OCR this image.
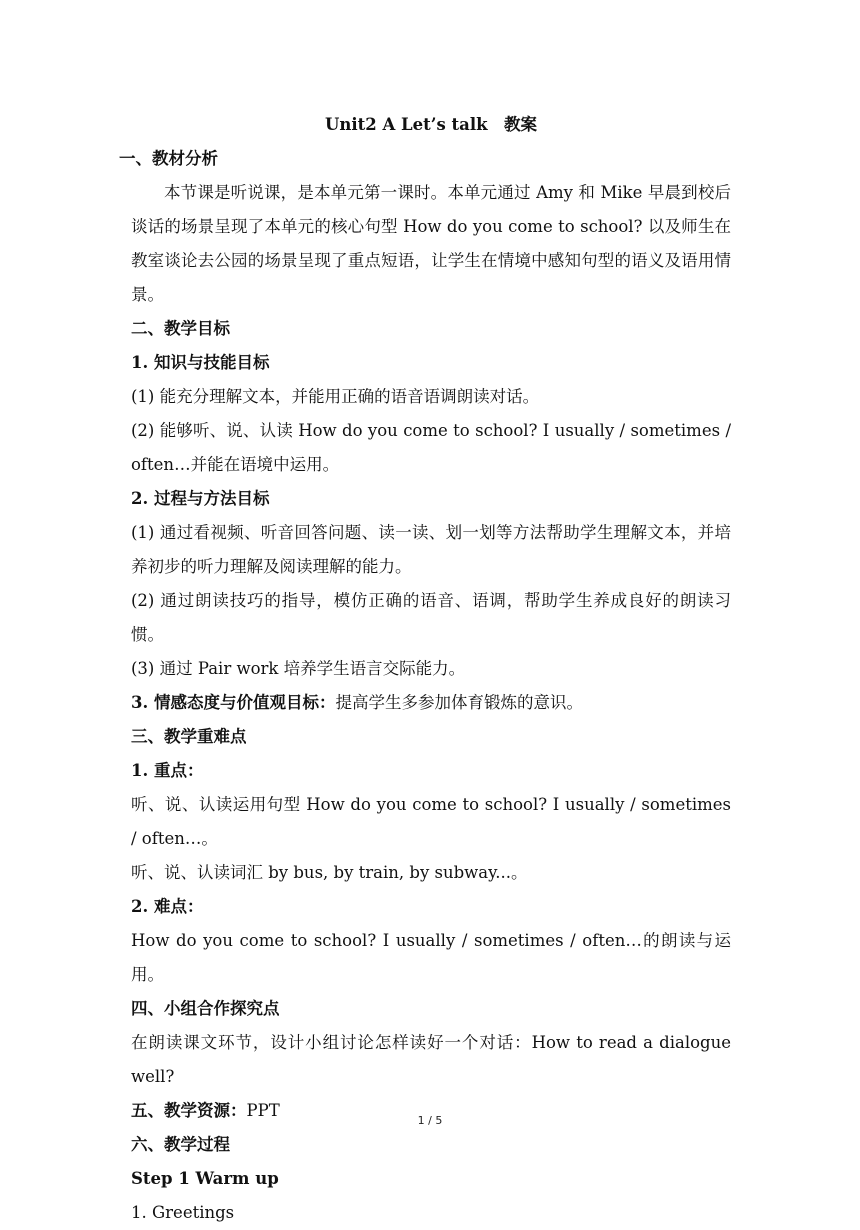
Unit2 A Let’s talk　教案
一、教材分析
本节课是听说课，是本单元第一课时。本单元通过 Amy 和 Mike 早晨到校后谈话的场景呈现了本单元的核心句型 How do you come to school? 以及师生在教室谈论去公园的场景呈现了重点短语，让学生在情境中感知句型的语义及语用情景。
二、教学目标
1. 知识与技能目标
(1) 能充分理解文本，并能用正确的语音语调朗读对话。
(2) 能够听、说、认读 How do you come to school? I usually / sometimes / often…并能在语境中运用。
2. 过程与方法目标
(1) 通过看视频、听音回答问题、读一读、划一划等方法帮助学生理解文本，并培养初步的听力理解及阅读理解的能力。
(2) 通过朗读技巧的指导，模仿正确的语音、语调，帮助学生养成良好的朗读习惯。
(3) 通过 Pair work 培养学生语言交际能力。
3. 情感态度与价值观目标：提高学生多参加体育锻炼的意识。
三、教学重难点
1. 重点：
听、说、认读运用句型 How do you come to school? I usually / sometimes / often…。
听、说、认读词汇 by bus, by train, by subway...。
2. 难点：
How do you come to school? I usually / sometimes / often…的朗读与运用。
四、小组合作探究点
在朗读课文环节，设计小组讨论怎样读好一个对话：How to read a dialogue well?
五、教学资源：PPT
六、教学过程
Step 1 Warm up
1. Greetings
1 / 5
